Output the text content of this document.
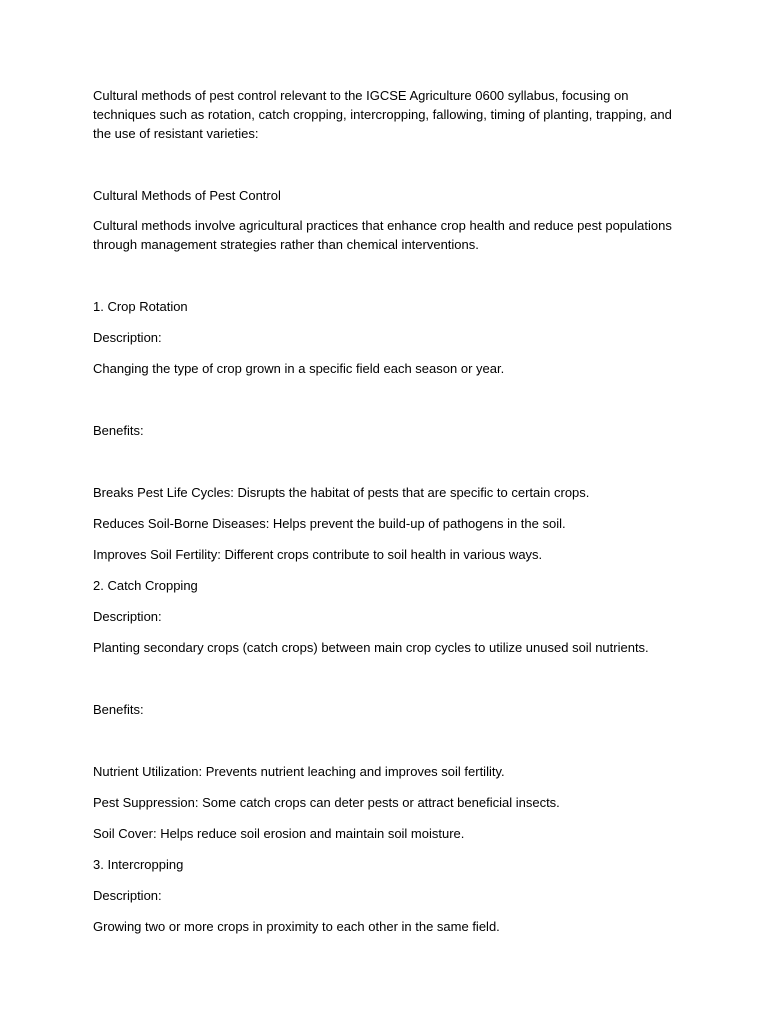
Cultural methods of pest control relevant to the IGCSE Agriculture 0600 syllabus, focusing on techniques such as rotation, catch cropping, intercropping, fallowing, timing of planting, trapping, and the use of resistant varieties:
Cultural Methods of Pest Control
Cultural methods involve agricultural practices that enhance crop health and reduce pest populations through management strategies rather than chemical interventions.
1. Crop Rotation
Description:
Changing the type of crop grown in a specific field each season or year.
Benefits:
Breaks Pest Life Cycles: Disrupts the habitat of pests that are specific to certain crops.
Reduces Soil-Borne Diseases: Helps prevent the build-up of pathogens in the soil.
Improves Soil Fertility: Different crops contribute to soil health in various ways.
2. Catch Cropping
Description:
Planting secondary crops (catch crops) between main crop cycles to utilize unused soil nutrients.
Benefits:
Nutrient Utilization: Prevents nutrient leaching and improves soil fertility.
Pest Suppression: Some catch crops can deter pests or attract beneficial insects.
Soil Cover: Helps reduce soil erosion and maintain soil moisture.
3. Intercropping
Description:
Growing two or more crops in proximity to each other in the same field.
